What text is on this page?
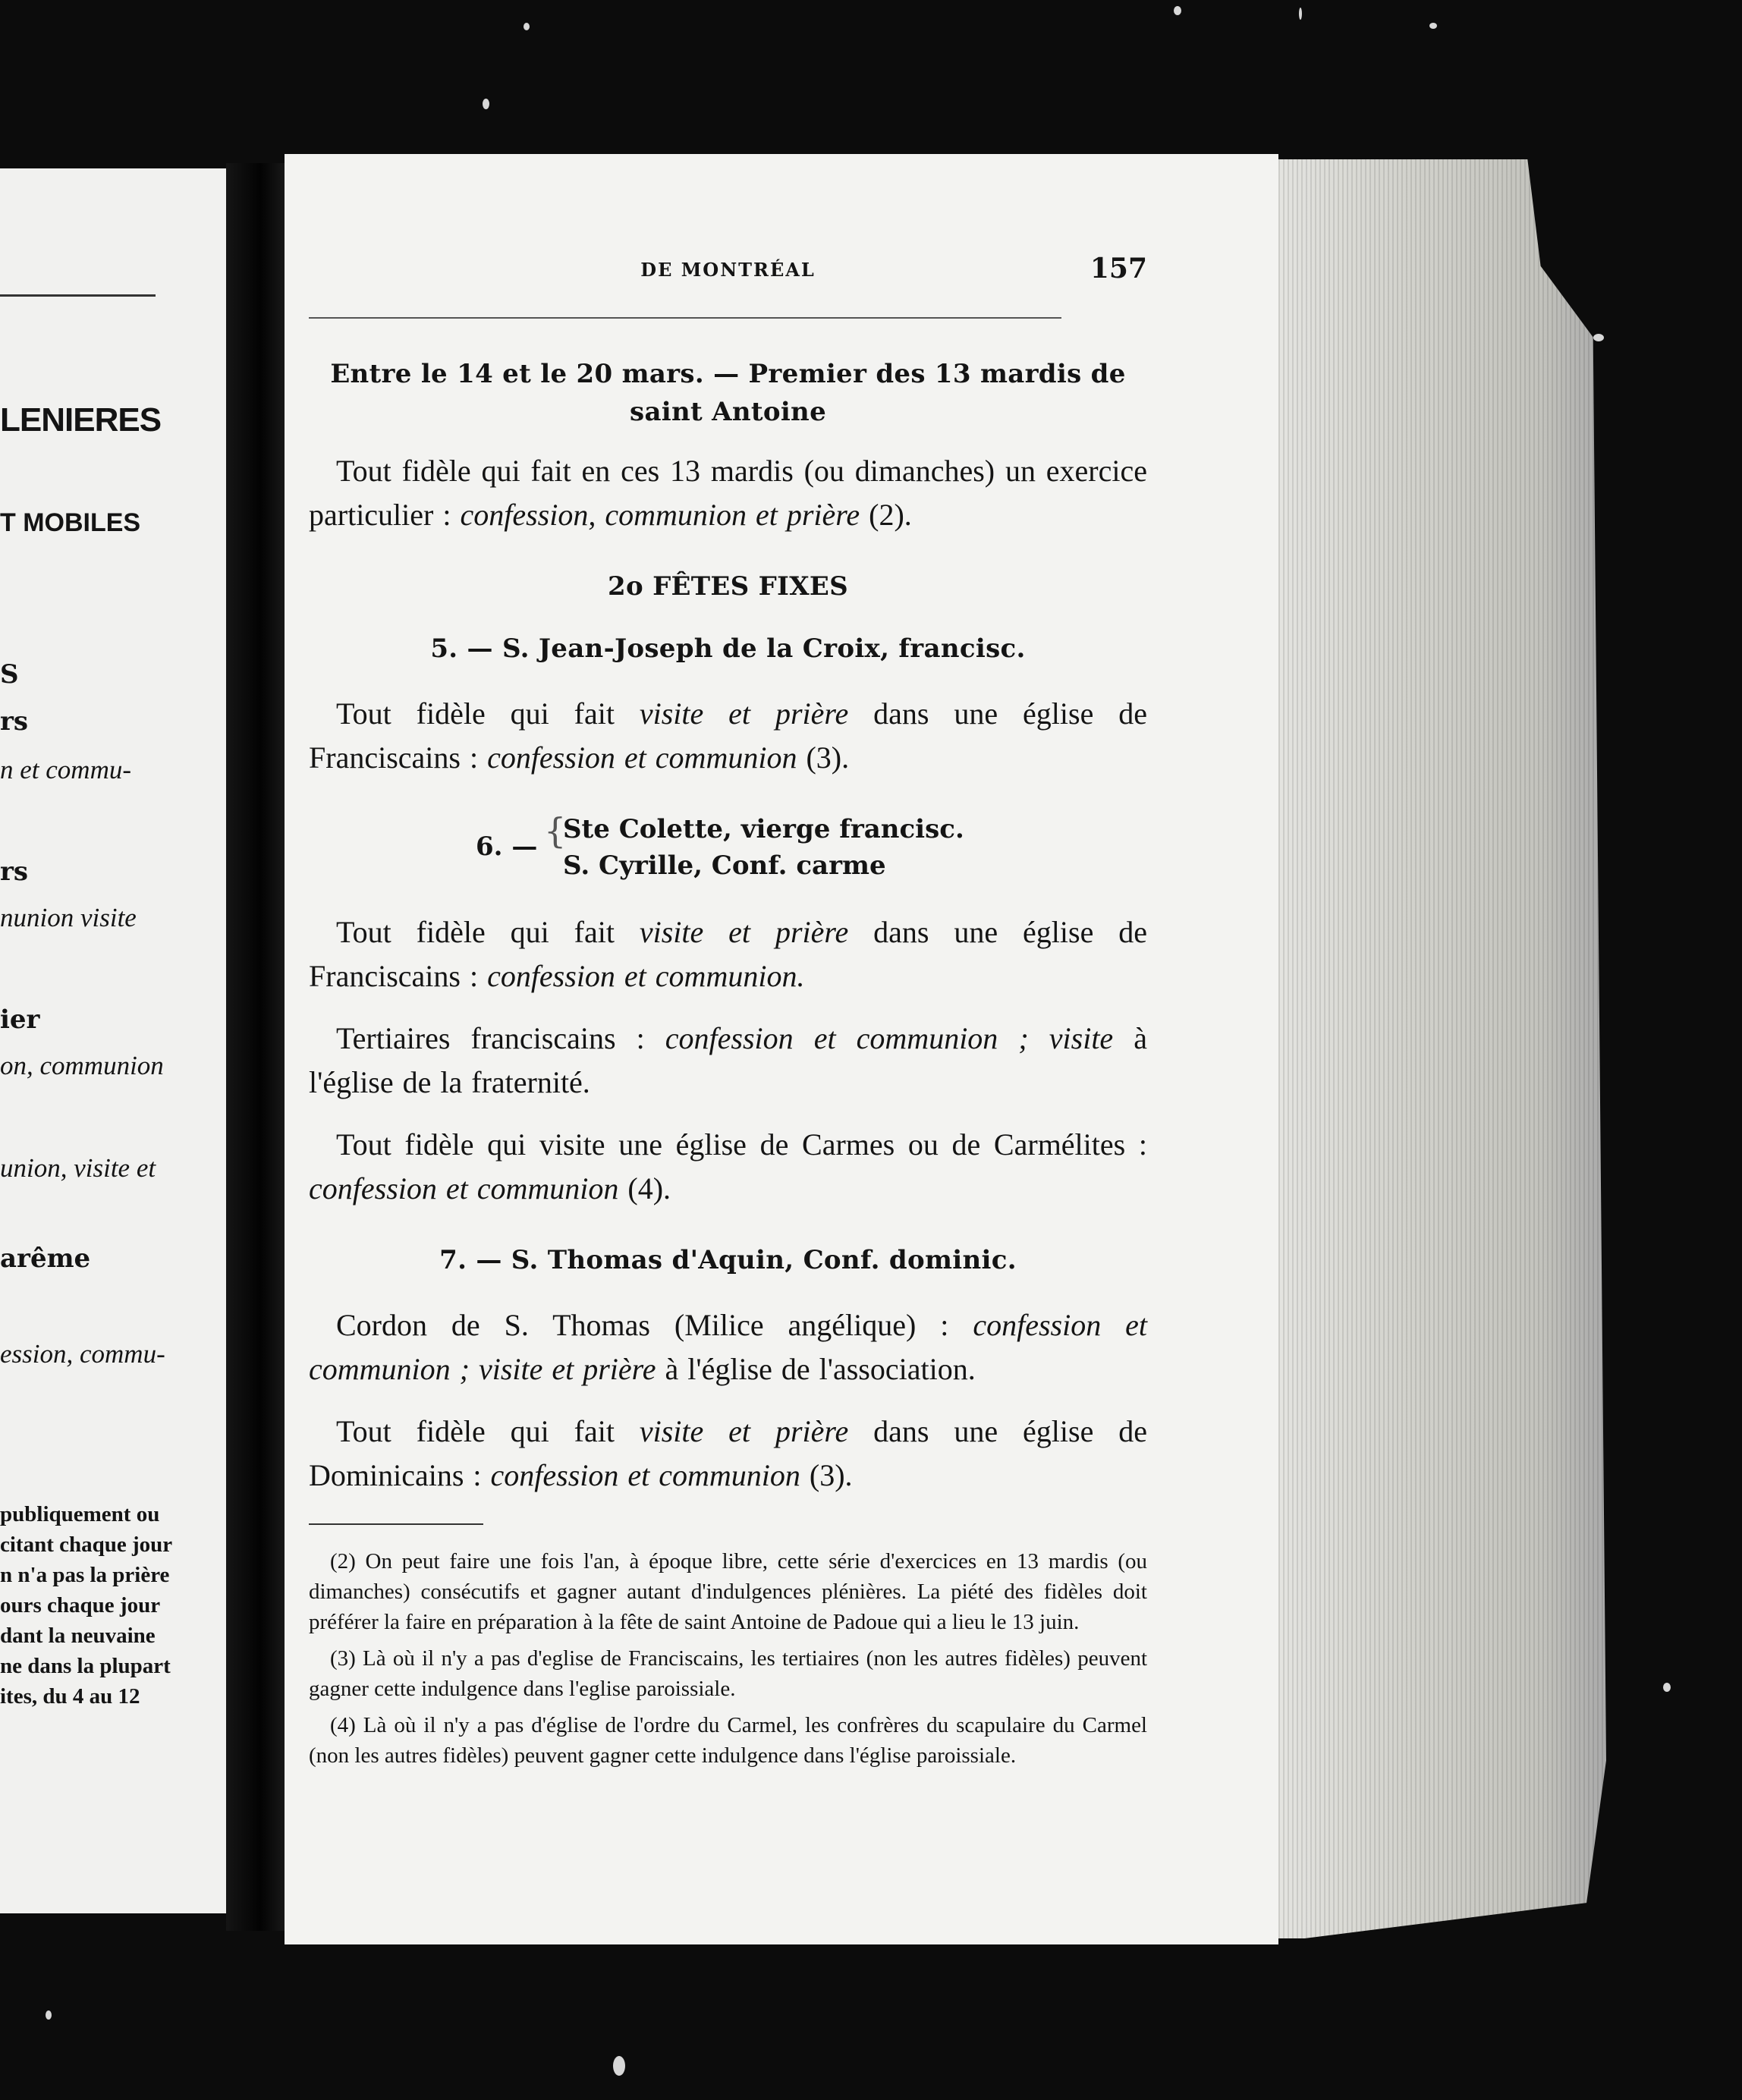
LENIERES
T MOBILES
S
rs
n et commu-
rs
nunion visite
ier
on, communion
union, visite et
arême
ession, commu-
publiquement ou
citant chaque jour
n n'a pas la prière
ours chaque jour
dant la neuvaine
ne dans la plupart
ites, du 4 au 12
DE MONTRÉAL	157

Entre le 14 et le 20 mars. — Premier des 13 mardis de saint Antoine

Tout fidèle qui fait en ces 13 mardis (ou dimanches) un exercice particulier : confession, communion et prière (2).

2o FÊTES FIXES

5. — S. Jean-Joseph de la Croix, francisc.

Tout fidèle qui fait visite et prière dans une église de Franciscains : confession et communion (3).

6. — {
Ste Colette, vierge francisc.
S. Cyrille, Conf. carme

Tout fidèle qui fait visite et prière dans une église de Franciscains : confession et communion.

Tertiaires franciscains : confession et communion ; visite à l'église de la fraternité.

Tout fidèle qui visite une église de Carmes ou de Carmélites : confession et communion (4).

7. — S. Thomas d'Aquin, Conf. dominic.

Cordon de S. Thomas (Milice angélique) : confession et communion ; visite et prière à l'église de l'association.

Tout fidèle qui fait visite et prière dans une église de Dominicains : confession et communion (3).

(2) On peut faire une fois l'an, à époque libre, cette série d'exercices en 13 mardis (ou dimanches) consécutifs et gagner autant d'indulgences plénières. La piété des fidèles doit préférer la faire en préparation à la fête de saint Antoine de Padoue qui a lieu le 13 juin.

(3) Là où il n'y a pas d'eglise de Franciscains, les tertiaires (non les autres fidèles) peuvent gagner cette indulgence dans l'eglise paroissiale.

(4) Là où il n'y a pas d'église de l'ordre du Carmel, les confrères du scapulaire du Carmel (non les autres fidèles) peuvent gagner cette indulgence dans l'église paroissiale.
